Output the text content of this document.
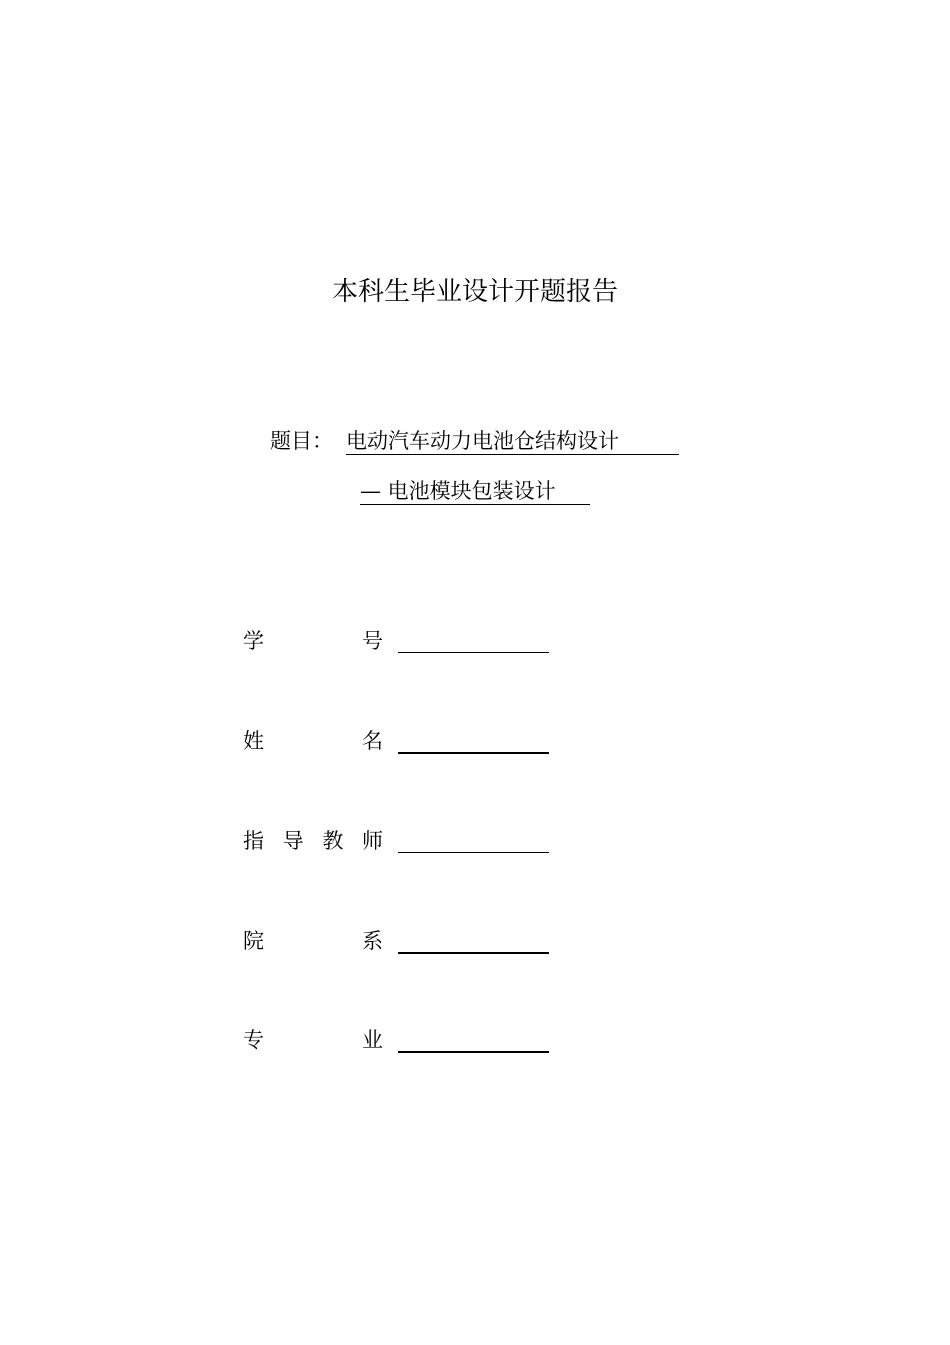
本科生毕业设计开题报告
题目： 电动汽车动力电池仓结构设计
— 电池模块包装设计
学	号
姓	名
指 导 教 师
院	系
专	业
